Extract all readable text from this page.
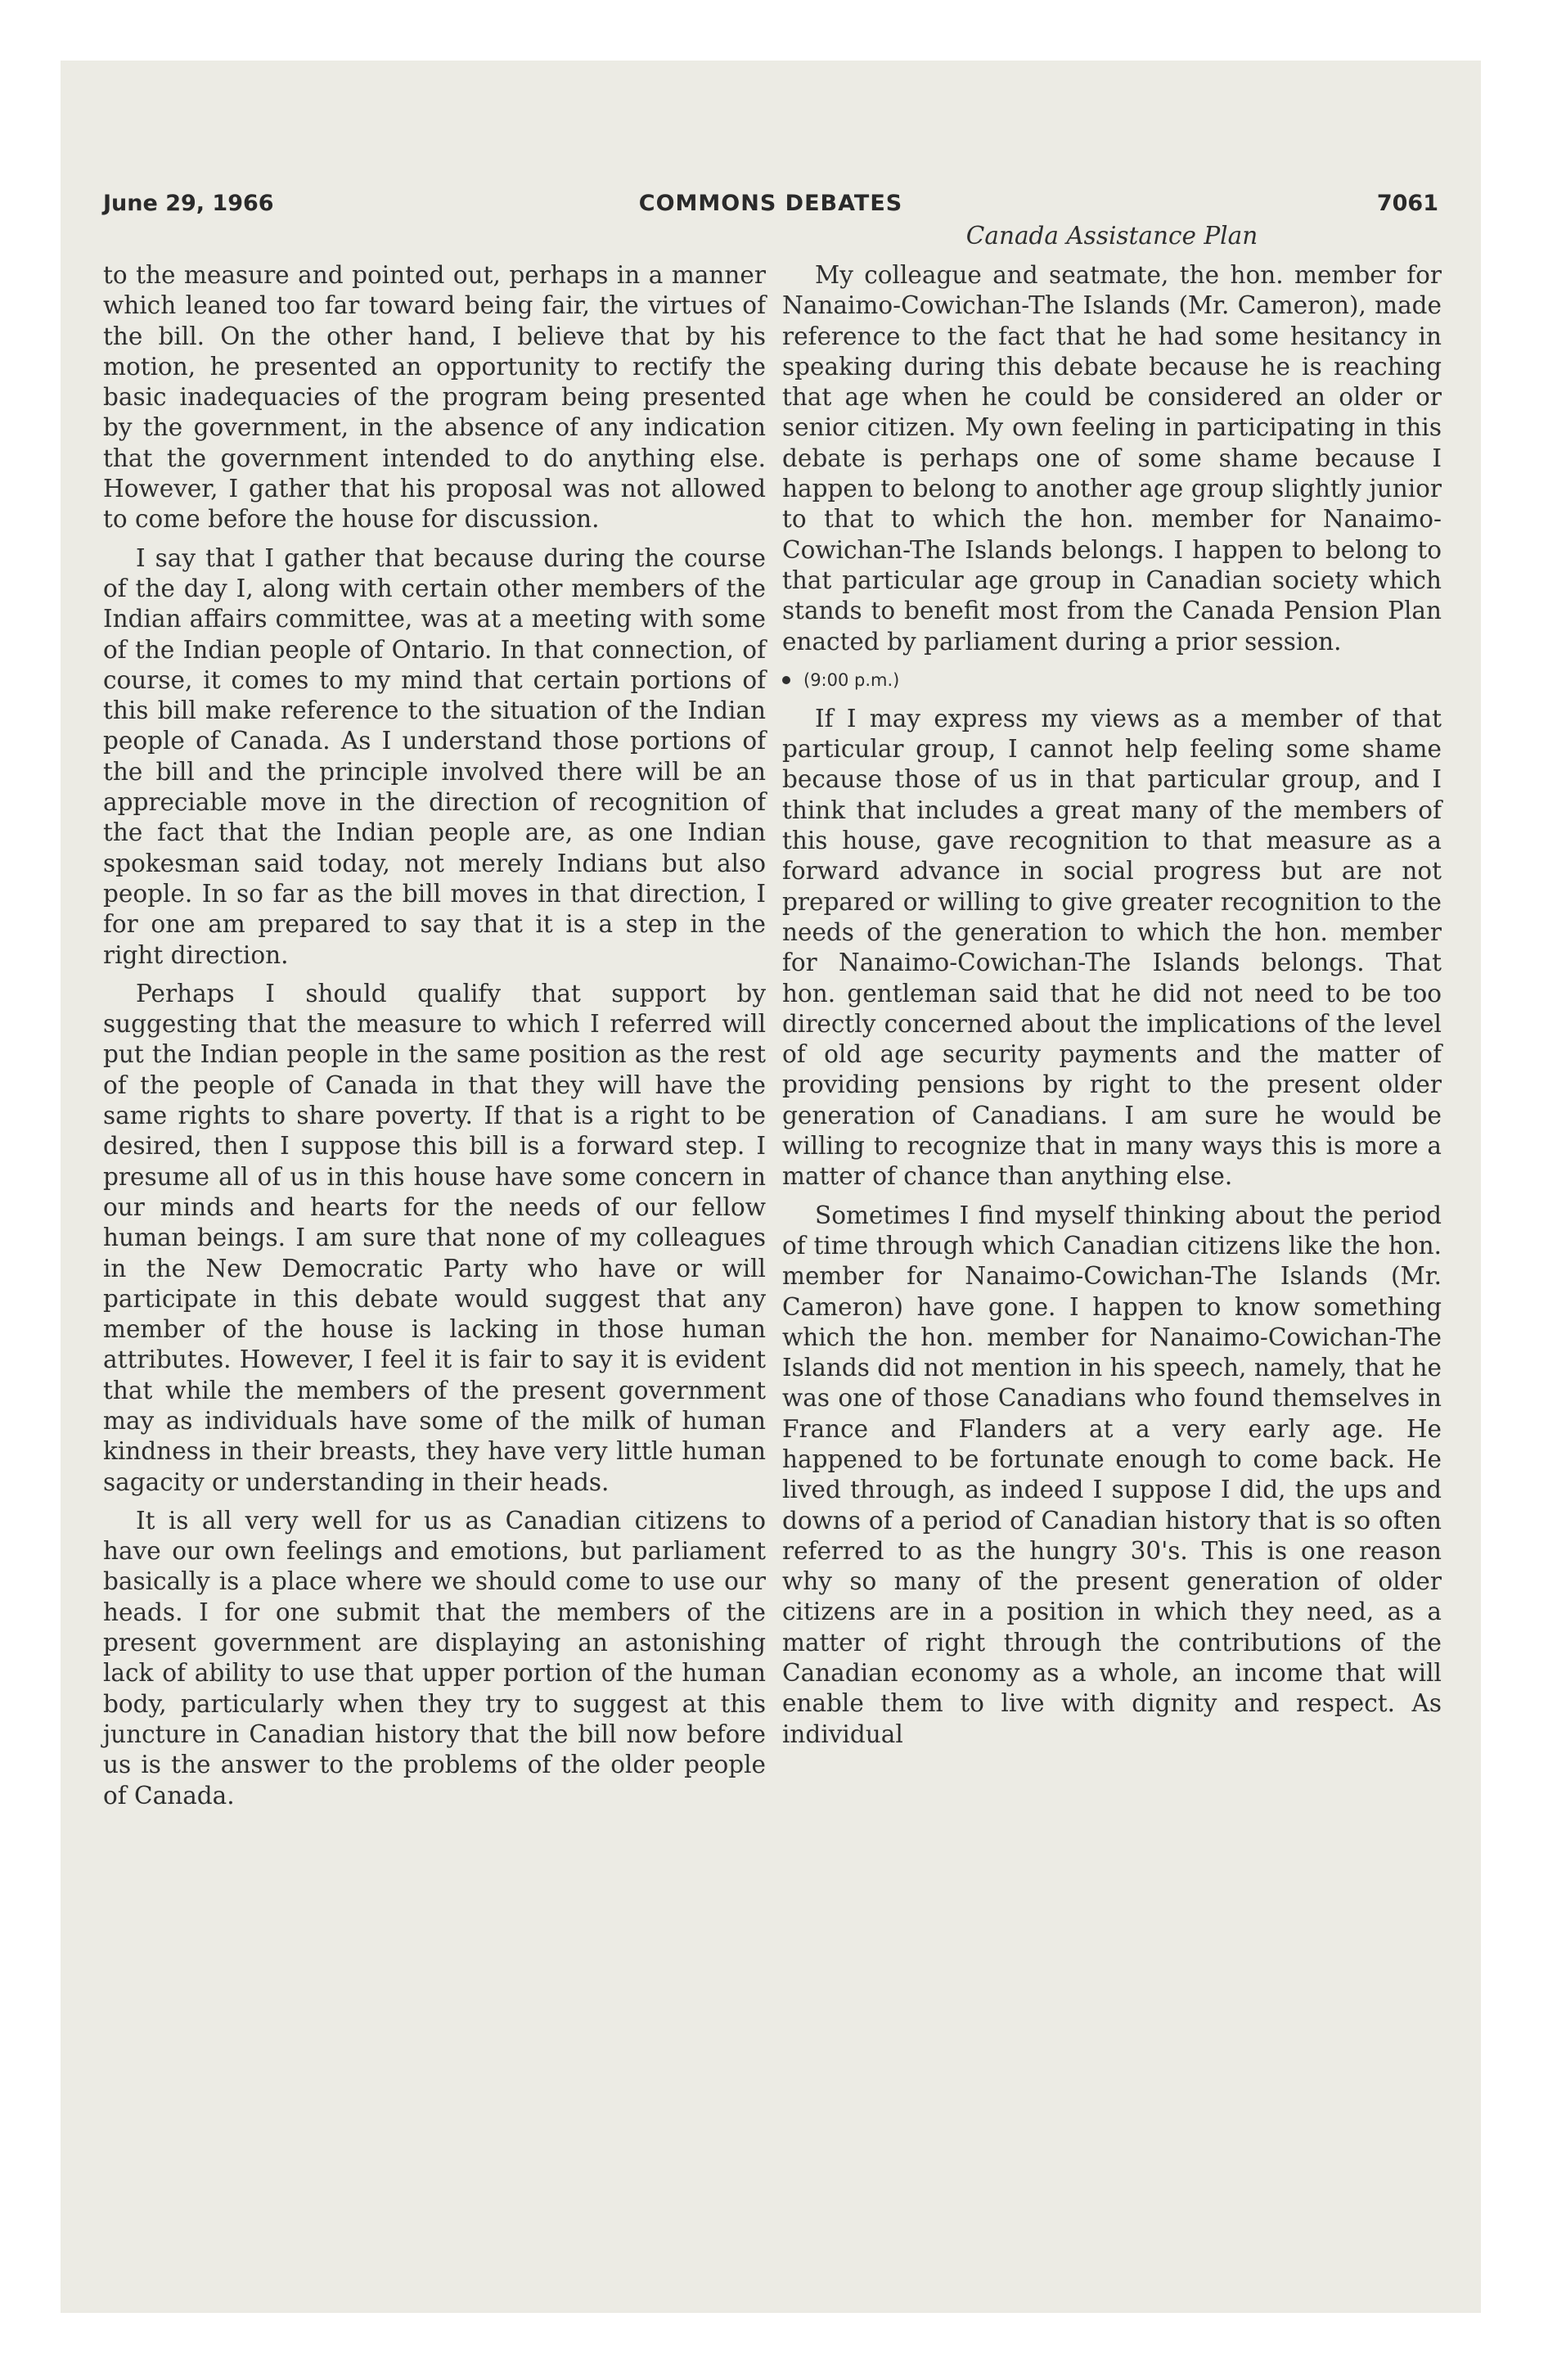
June 29, 1966	COMMONS DEBATES	7061
Canada Assistance Plan

to the measure and pointed out, perhaps in a manner which leaned too far toward being fair, the virtues of the bill. On the other hand, I believe that by his motion, he presented an opportunity to rectify the basic inadequacies of the program being presented by the government, in the absence of any indication that the government intended to do anything else. However, I gather that his proposal was not allowed to come before the house for discussion.

I say that I gather that because during the course of the day I, along with certain other members of the Indian affairs committee, was at a meeting with some of the Indian people of Ontario. In that connection, of course, it comes to my mind that certain portions of this bill make reference to the situation of the Indian people of Canada. As I understand those portions of the bill and the principle involved there will be an appreciable move in the direction of recognition of the fact that the Indian people are, as one Indian spokesman said today, not merely Indians but also people. In so far as the bill moves in that direction, I for one am prepared to say that it is a step in the right direction.

Perhaps I should qualify that support by suggesting that the measure to which I referred will put the Indian people in the same position as the rest of the people of Canada in that they will have the same rights to share poverty. If that is a right to be desired, then I suppose this bill is a forward step. I presume all of us in this house have some concern in our minds and hearts for the needs of our fellow human beings. I am sure that none of my colleagues in the New Democratic Party who have or will participate in this debate would suggest that any member of the house is lacking in those human attributes. However, I feel it is fair to say it is evident that while the members of the present government may as individuals have some of the milk of human kindness in their breasts, they have very little human sagacity or understanding in their heads.

It is all very well for us as Canadian citizens to have our own feelings and emotions, but parliament basically is a place where we should come to use our heads. I for one submit that the members of the present government are displaying an astonishing lack of ability to use that upper portion of the human body, particularly when they try to suggest at this juncture in Canadian history that the bill now before us is the answer to the problems of the older people of Canada.

My colleague and seatmate, the hon. member for Nanaimo-Cowichan-The Islands (Mr. Cameron), made reference to the fact that he had some hesitancy in speaking during this debate because he is reaching that age when he could be considered an older or senior citizen. My own feeling in participating in this debate is perhaps one of some shame because I happen to belong to another age group slightly junior to that to which the hon. member for Nanaimo-Cowichan-The Islands belongs. I happen to belong to that particular age group in Canadian society which stands to benefit most from the Canada Pension Plan enacted by parliament during a prior session.

(9:00 p.m.)

If I may express my views as a member of that particular group, I cannot help feeling some shame because those of us in that particular group, and I think that includes a great many of the members of this house, gave recognition to that measure as a forward advance in social progress but are not prepared or willing to give greater recognition to the needs of the generation to which the hon. member for Nanaimo-Cowichan-The Islands belongs. That hon. gentleman said that he did not need to be too directly concerned about the implications of the level of old age security payments and the matter of providing pensions by right to the present older generation of Canadians. I am sure he would be willing to recognize that in many ways this is more a matter of chance than anything else.

Sometimes I find myself thinking about the period of time through which Canadian citizens like the hon. member for Nanaimo-Cowichan-The Islands (Mr. Cameron) have gone. I happen to know something which the hon. member for Nanaimo-Cowichan-The Islands did not mention in his speech, namely, that he was one of those Canadians who found themselves in France and Flanders at a very early age. He happened to be fortunate enough to come back. He lived through, as indeed I suppose I did, the ups and downs of a period of Canadian history that is so often referred to as the hungry 30's. This is one reason why so many of the present generation of older citizens are in a position in which they need, as a matter of right through the contributions of the Canadian economy as a whole, an income that will enable them to live with dignity and respect. As individual
